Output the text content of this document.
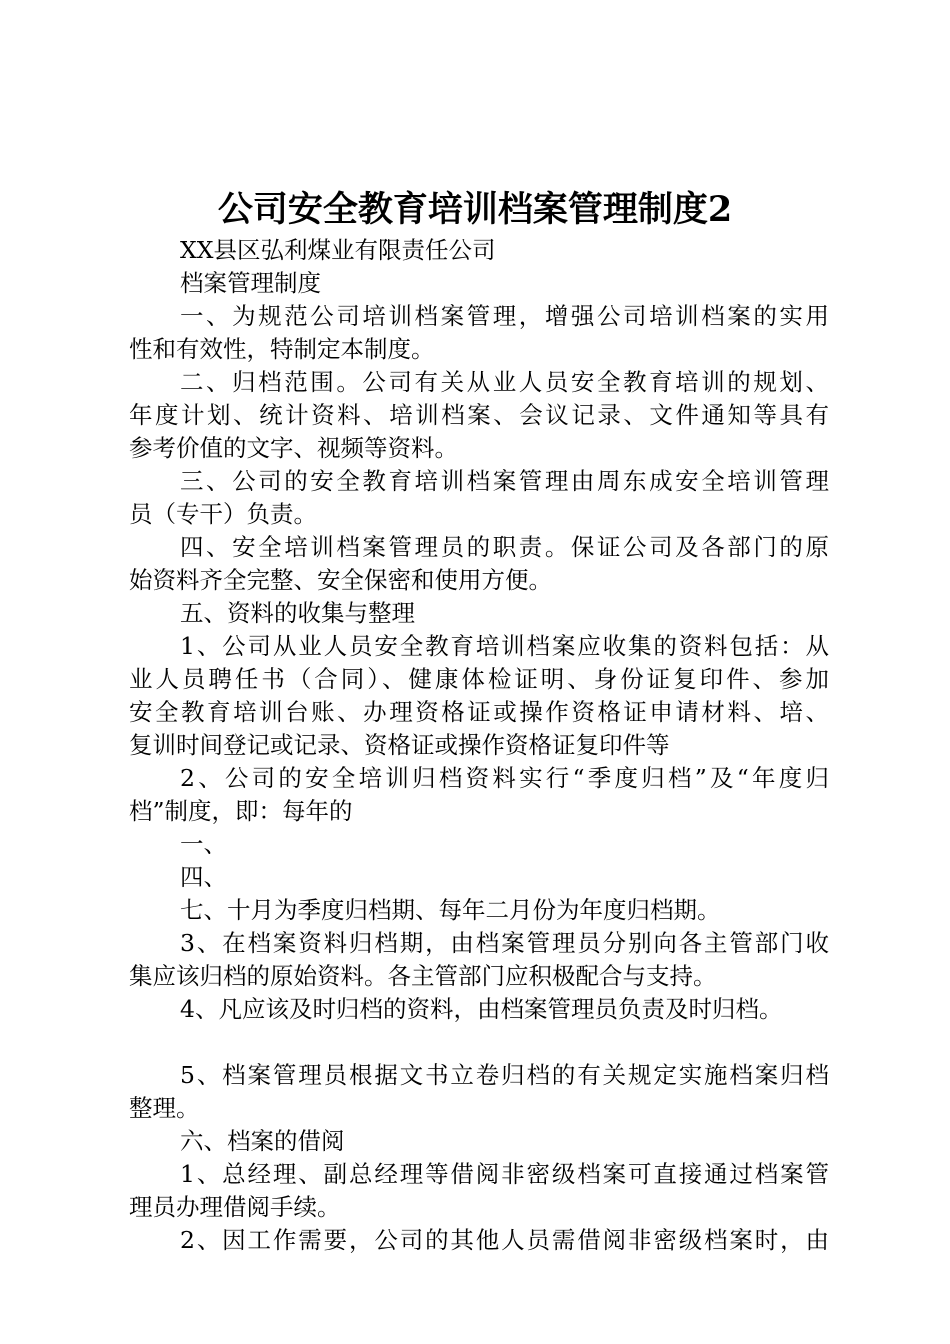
公司安全教育培训档案管理制度2
XX县区弘利煤业有限责任公司
档案管理制度
一、为规范公司培训档案管理，增强公司培训档案的实用
性和有效性，特制定本制度。
二、归档范围。公司有关从业人员安全教育培训的规划、
年度计划、统计资料、培训档案、会议记录、文件通知等具有
参考价值的文字、视频等资料。
三、公司的安全教育培训档案管理由周东成安全培训管理
员（专干）负责。
四、安全培训档案管理员的职责。保证公司及各部门的原
始资料齐全完整、安全保密和使用方便。
五、资料的收集与整理
1、公司从业人员安全教育培训档案应收集的资料包括：从
业人员聘任书（合同）、健康体检证明、身份证复印件、参加
安全教育培训台账、办理资格证或操作资格证申请材料、培、
复训时间登记或记录、资格证或操作资格证复印件等
2、公司的安全培训归档资料实行“季度归档”及“年度归
档”制度，即：每年的
一、
四、
七、十月为季度归档期、每年二月份为年度归档期。
3、在档案资料归档期，由档案管理员分别向各主管部门收
集应该归档的原始资料。各主管部门应积极配合与支持。
4、凡应该及时归档的资料，由档案管理员负责及时归档。
5、档案管理员根据文书立卷归档的有关规定实施档案归档
整理。
六、档案的借阅
1、总经理、副总经理等借阅非密级档案可直接通过档案管
理员办理借阅手续。
2、因工作需要，公司的其他人员需借阅非密级档案时，由
